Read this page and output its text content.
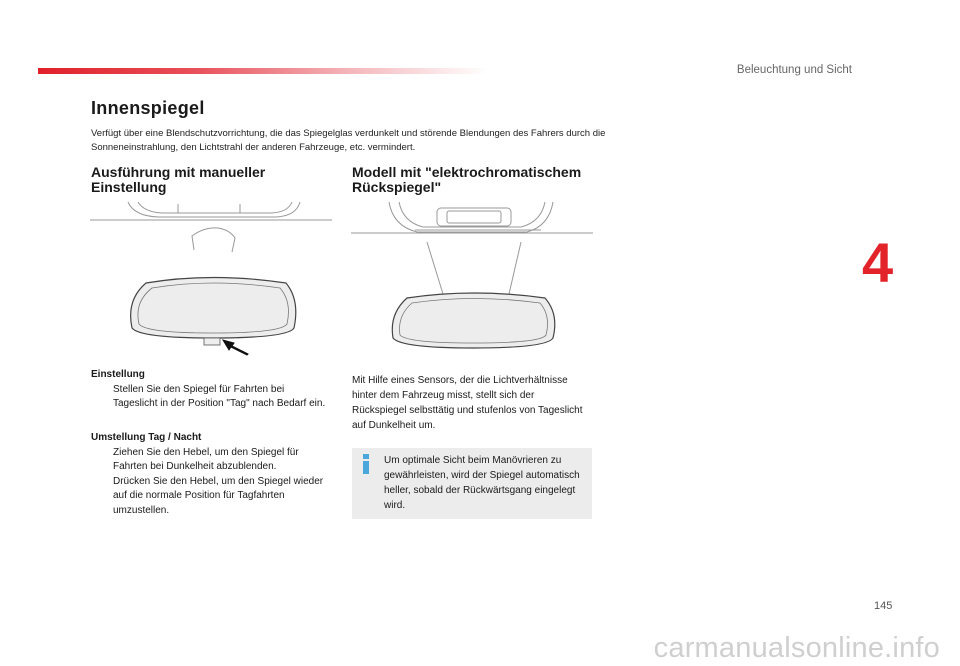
Beleuchtung und Sicht
4
Innenspiegel
Verfügt über eine Blendschutzvorrichtung, die das Spiegelglas verdunkelt und störende Blendungen des Fahrers durch die Sonneneinstrahlung, den Lichtstrahl der anderen Fahrzeuge, etc. vermindert.
Ausführung mit manueller Einstellung
Modell mit "elektrochromatischem Rückspiegel"
Einstellung
Stellen Sie den Spiegel für Fahrten bei Tageslicht in der Position "Tag" nach Bedarf ein.
Umstellung Tag / Nacht
Ziehen Sie den Hebel, um den Spiegel für Fahrten bei Dunkelheit abzublenden.
Drücken Sie den Hebel, um den Spiegel wieder auf die normale Position für Tagfahrten umzustellen.
Mit Hilfe eines Sensors, der die Lichtverhältnisse hinter dem Fahrzeug misst, stellt sich der Rückspiegel selbsttätig und stufenlos von Tageslicht auf Dunkelheit um.
Um optimale Sicht beim Manövrieren zu gewährleisten, wird der Spiegel automatisch heller, sobald der Rückwärtsgang eingelegt wird.
145
carmanualsonline.info
